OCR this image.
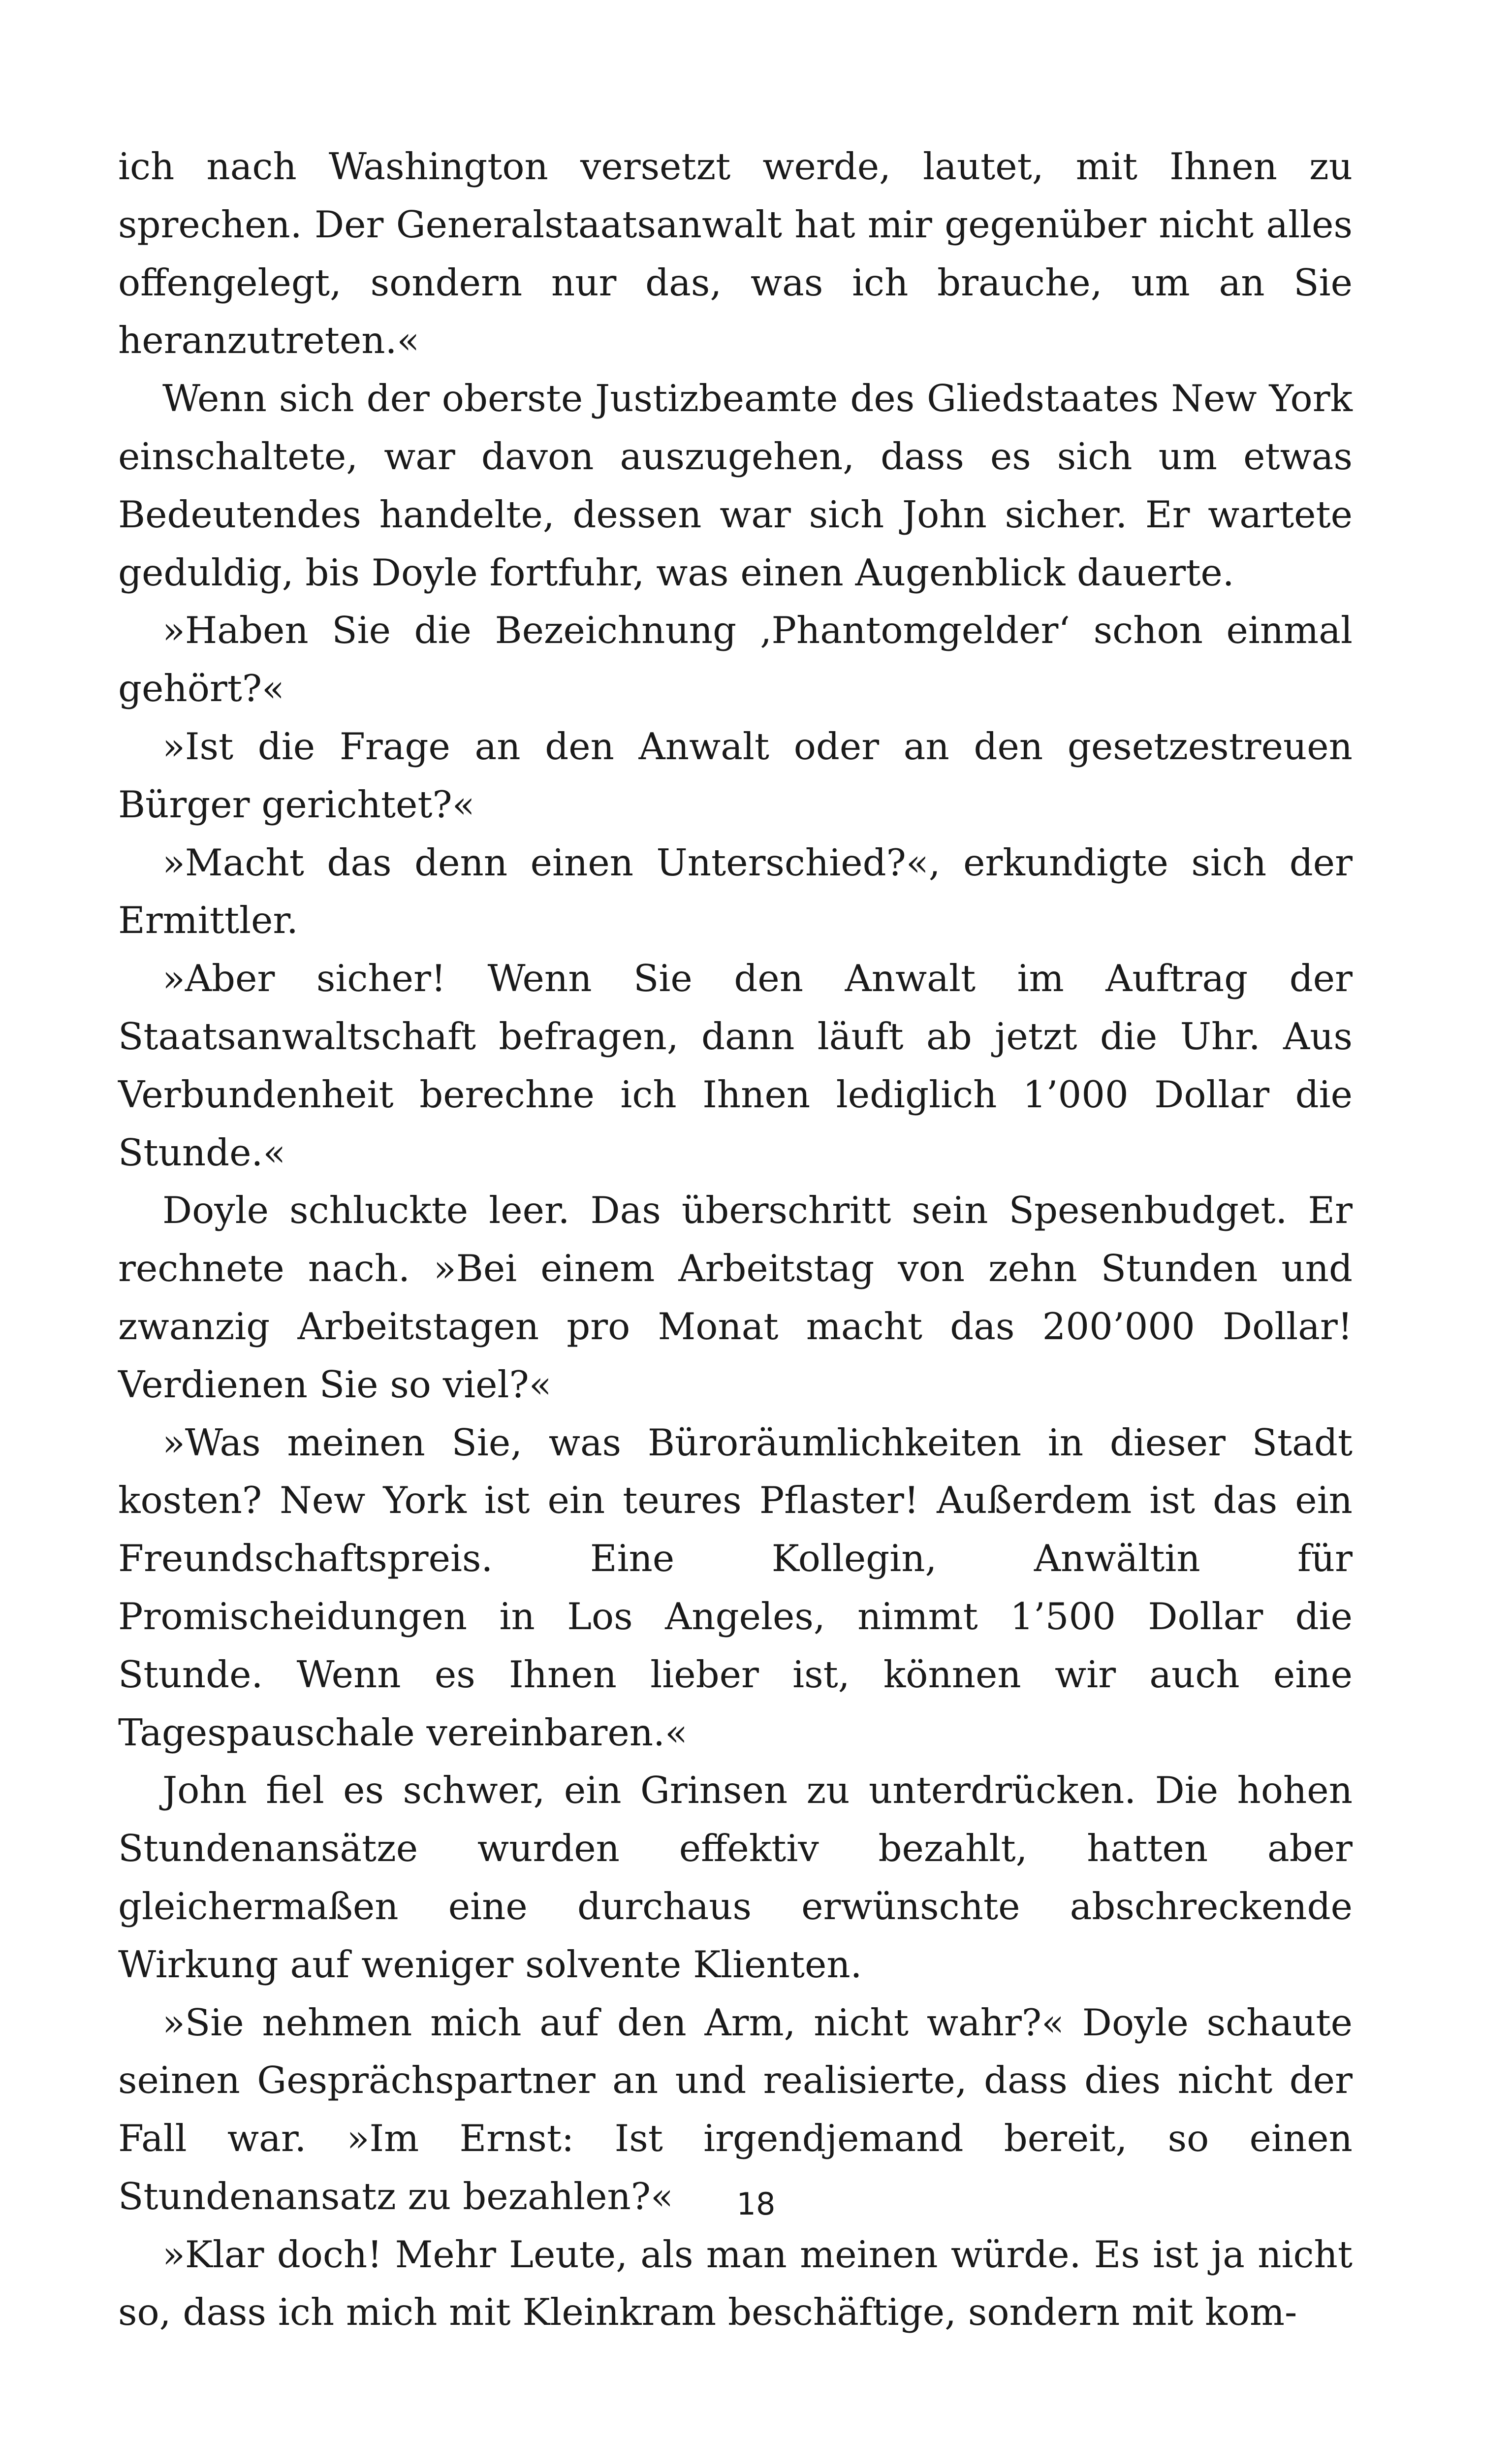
ich nach Washington versetzt werde, lautet, mit Ihnen zu sprechen. Der Generalstaatsanwalt hat mir gegenüber nicht alles offengelegt, sondern nur das, was ich brauche, um an Sie heranzutreten.«

Wenn sich der oberste Justizbeamte des Gliedstaates New York einschaltete, war davon auszugehen, dass es sich um etwas Bedeutendes handelte, dessen war sich John sicher. Er wartete geduldig, bis Doyle fortfuhr, was einen Augenblick dauerte.

»Haben Sie die Bezeichnung ‚Phantomgelder‘ schon einmal gehört?«

»Ist die Frage an den Anwalt oder an den gesetzestreuen Bürger gerichtet?«

»Macht das denn einen Unterschied?«, erkundigte sich der Ermittler.

»Aber sicher! Wenn Sie den Anwalt im Auftrag der Staatsanwaltschaft befragen, dann läuft ab jetzt die Uhr. Aus Verbundenheit berechne ich Ihnen lediglich 1’000 Dollar die Stunde.«

Doyle schluckte leer. Das überschritt sein Spesenbudget. Er rechnete nach. »Bei einem Arbeitstag von zehn Stunden und zwanzig Arbeitstagen pro Monat macht das 200’000 Dollar! Verdienen Sie so viel?«

»Was meinen Sie, was Büroräumlichkeiten in dieser Stadt kosten? New York ist ein teures Pflaster! Außerdem ist das ein Freundschaftspreis. Eine Kollegin, Anwältin für Promischeidungen in Los Angeles, nimmt 1’500 Dollar die Stunde. Wenn es Ihnen lieber ist, können wir auch eine Tagespauschale vereinbaren.«

John fiel es schwer, ein Grinsen zu unterdrücken. Die hohen Stundenansätze wurden effektiv bezahlt, hatten aber gleichermaßen eine durchaus erwünschte abschreckende Wirkung auf weniger solvente Klienten.

»Sie nehmen mich auf den Arm, nicht wahr?« Doyle schaute seinen Gesprächspartner an und realisierte, dass dies nicht der Fall war. »Im Ernst: Ist irgendjemand bereit, so einen Stundenansatz zu bezahlen?«

»Klar doch! Mehr Leute, als man meinen würde. Es ist ja nicht so, dass ich mich mit Kleinkram beschäftige, sondern mit kom-

18
